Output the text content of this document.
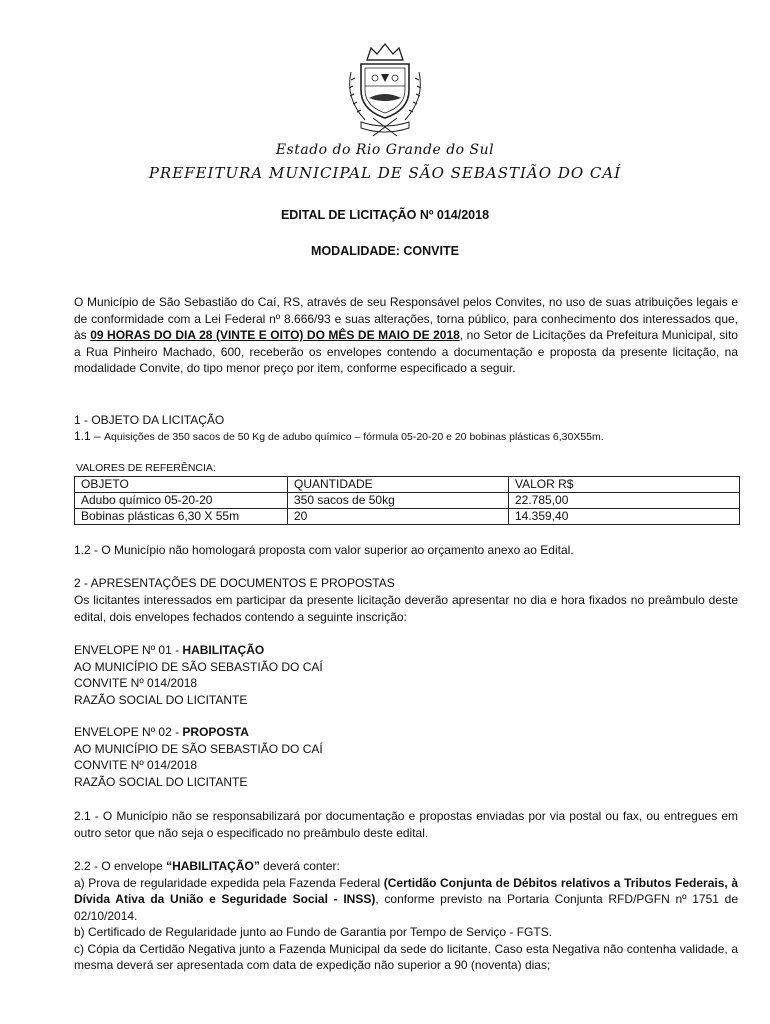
Estado do Rio Grande do Sul
PREFEITURA MUNICIPAL DE SÃO SEBASTIÃO DO CAÍ
EDITAL DE LICITAÇÃO Nº 014/2018
MODALIDADE: CONVITE
O Município de São Sebastião do Caí, RS, através de seu Responsável pelos Convites, no uso de suas atribuições legais e de conformidade com a Lei Federal nº 8.666/93 e suas alterações, torna público, para conhecimento dos interessados que, às 09 HORAS DO DIA 28 (VINTE E OITO) DO MÊS DE MAIO DE 2018, no Setor de Licitações da Prefeitura Municipal, sito a Rua Pinheiro Machado, 600, receberão os envelopes contendo a documentação e proposta da presente licitação, na modalidade Convite, do tipo menor preço por item, conforme especificado a seguir.
1 - OBJETO DA LICITAÇÃO
1.1 – Aquisições de 350 sacos de 50 Kg de adubo químico – fórmula 05-20-20 e 20 bobinas plásticas 6,30X55m.
VALORES DE REFERÊNCIA:
OBJETO	QUANTIDADE	VALOR R$
Adubo químico 05-20-20	350 sacos de 50kg	22.785,00
Bobinas plásticas 6,30 X 55m	20	14.359,40
1.2 - O Município não homologará proposta com valor superior ao orçamento anexo ao Edital.
2 - APRESENTAÇÕES DE DOCUMENTOS E PROPOSTAS
Os licitantes interessados em participar da presente licitação deverão apresentar no dia e hora fixados no preâmbulo deste edital, dois envelopes fechados contendo a seguinte inscrição:

ENVELOPE Nº 01 - HABILITAÇÃO

AO MUNICÍPIO DE SÃO SEBASTIÃO DO CAÍ

CONVITE Nº 014/2018

RAZÃO SOCIAL DO LICITANTE

ENVELOPE Nº 02 - PROPOSTA

AO MUNICÍPIO DE SÃO SEBASTIÃO DO CAÍ

CONVITE Nº 014/2018

RAZÃO SOCIAL DO LICITANTE

2.1 - O Município não se responsabilizará por documentação e propostas enviadas por via postal ou fax, ou entregues em outro setor que não seja o especificado no preâmbulo deste edital.

2.2 - O envelope “HABILITAÇÃO” deverá conter:

a) Prova de regularidade expedida pela Fazenda Federal (Certidão Conjunta de Débitos relativos a Tributos Federais, à Dívida Ativa da União e Seguridade Social - INSS), conforme previsto na Portaria Conjunta RFD/PGFN nº 1751 de 02/10/2014.

b) Certificado de Regularidade junto ao Fundo de Garantia por Tempo de Serviço - FGTS.

c) Cópia da Certidão Negativa junto a Fazenda Municipal da sede do licitante. Caso esta Negativa não contenha validade, a mesma deverá ser apresentada com data de expedição não superior a 90 (noventa) dias;
